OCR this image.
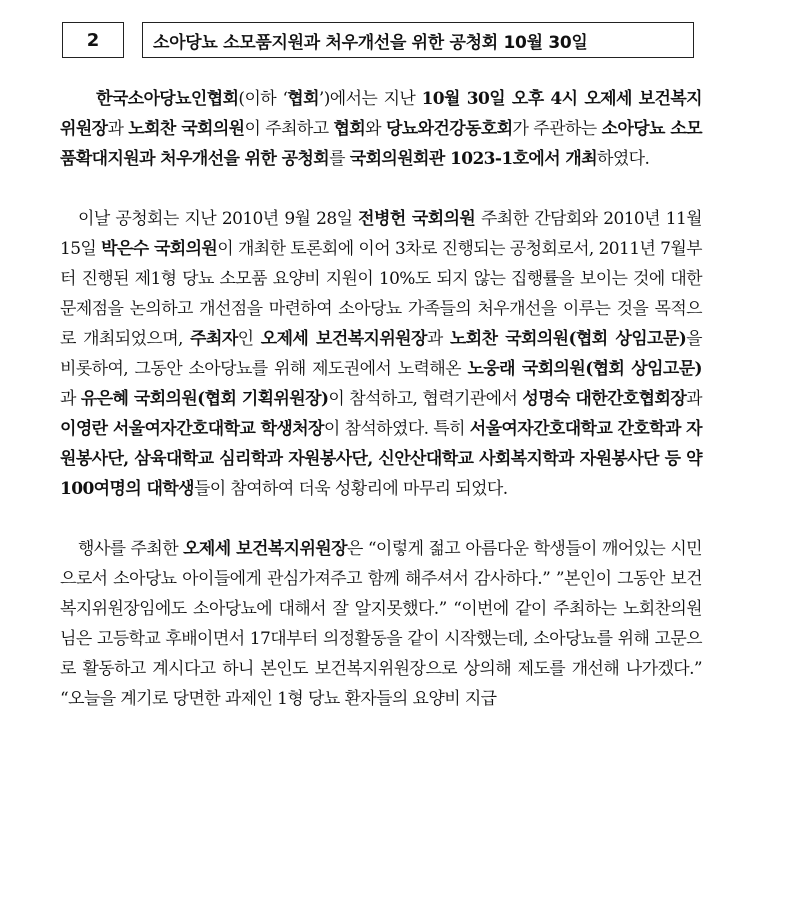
2	소아당뇨 소모품지원과 처우개선을 위한 공청회 10월 30일

한국소아당뇨인협회(이하 ‘협회’)에서는 지난 10월 30일 오후 4시 오제세 보건복지위원장과 노회찬 국회의원이 주최하고 협회와 당뇨와건강동호회가 주관하는 소아당뇨 소모품확대지원과 처우개선을 위한 공청회를 국회의원회관 1023-1호에서 개최하였다.

이날 공청회는 지난 2010년 9월 28일 전병헌 국회의원 주최한 간담회와 2010년 11월 15일 박은수 국회의원이 개최한 토론회에 이어 3차로 진행되는 공청회로서, 2011년 7월부터 진행된 제1형 당뇨 소모품 요양비 지원이 10%도 되지 않는 집행률을 보이는 것에 대한 문제점을 논의하고 개선점을 마련하여 소아당뇨 가족들의 처우개선을 이루는 것을 목적으로 개최되었으며, 주최자인 오제세 보건복지위원장과 노회찬 국회의원(협회 상임고문)을 비롯하여, 그동안 소아당뇨를 위해 제도권에서 노력해온 노웅래 국회의원(협회 상임고문)과 유은혜 국회의원(협회 기획위원장)이 참석하고, 협력기관에서 성명숙 대한간호협회장과 이영란 서울여자간호대학교 학생처장이 참석하였다. 특히 서울여자간호대학교 간호학과 자원봉사단, 삼육대학교 심리학과 자원봉사단, 신안산대학교 사회복지학과 자원봉사단 등 약 100여명의 대학생들이 참여하여 더욱 성황리에 마무리 되었다.

행사를 주최한 오제세 보건복지위원장은 “이렇게 젊고 아름다운 학생들이 깨어있는 시민으로서 소아당뇨 아이들에게 관심가져주고 함께 해주셔서 감사하다.” ”본인이 그동안 보건복지위원장임에도 소아당뇨에 대해서 잘 알지못했다.” “이번에 같이 주최하는 노회찬의원님은 고등학교 후배이면서 17대부터 의정활동을 같이 시작했는데, 소아당뇨를 위해 고문으로 활동하고 계시다고 하니 본인도 보건복지위원장으로 상의해 제도를 개선해 나가겠다.” “오늘을 계기로 당면한 과제인 1형 당뇨 환자들의 요양비 지급
